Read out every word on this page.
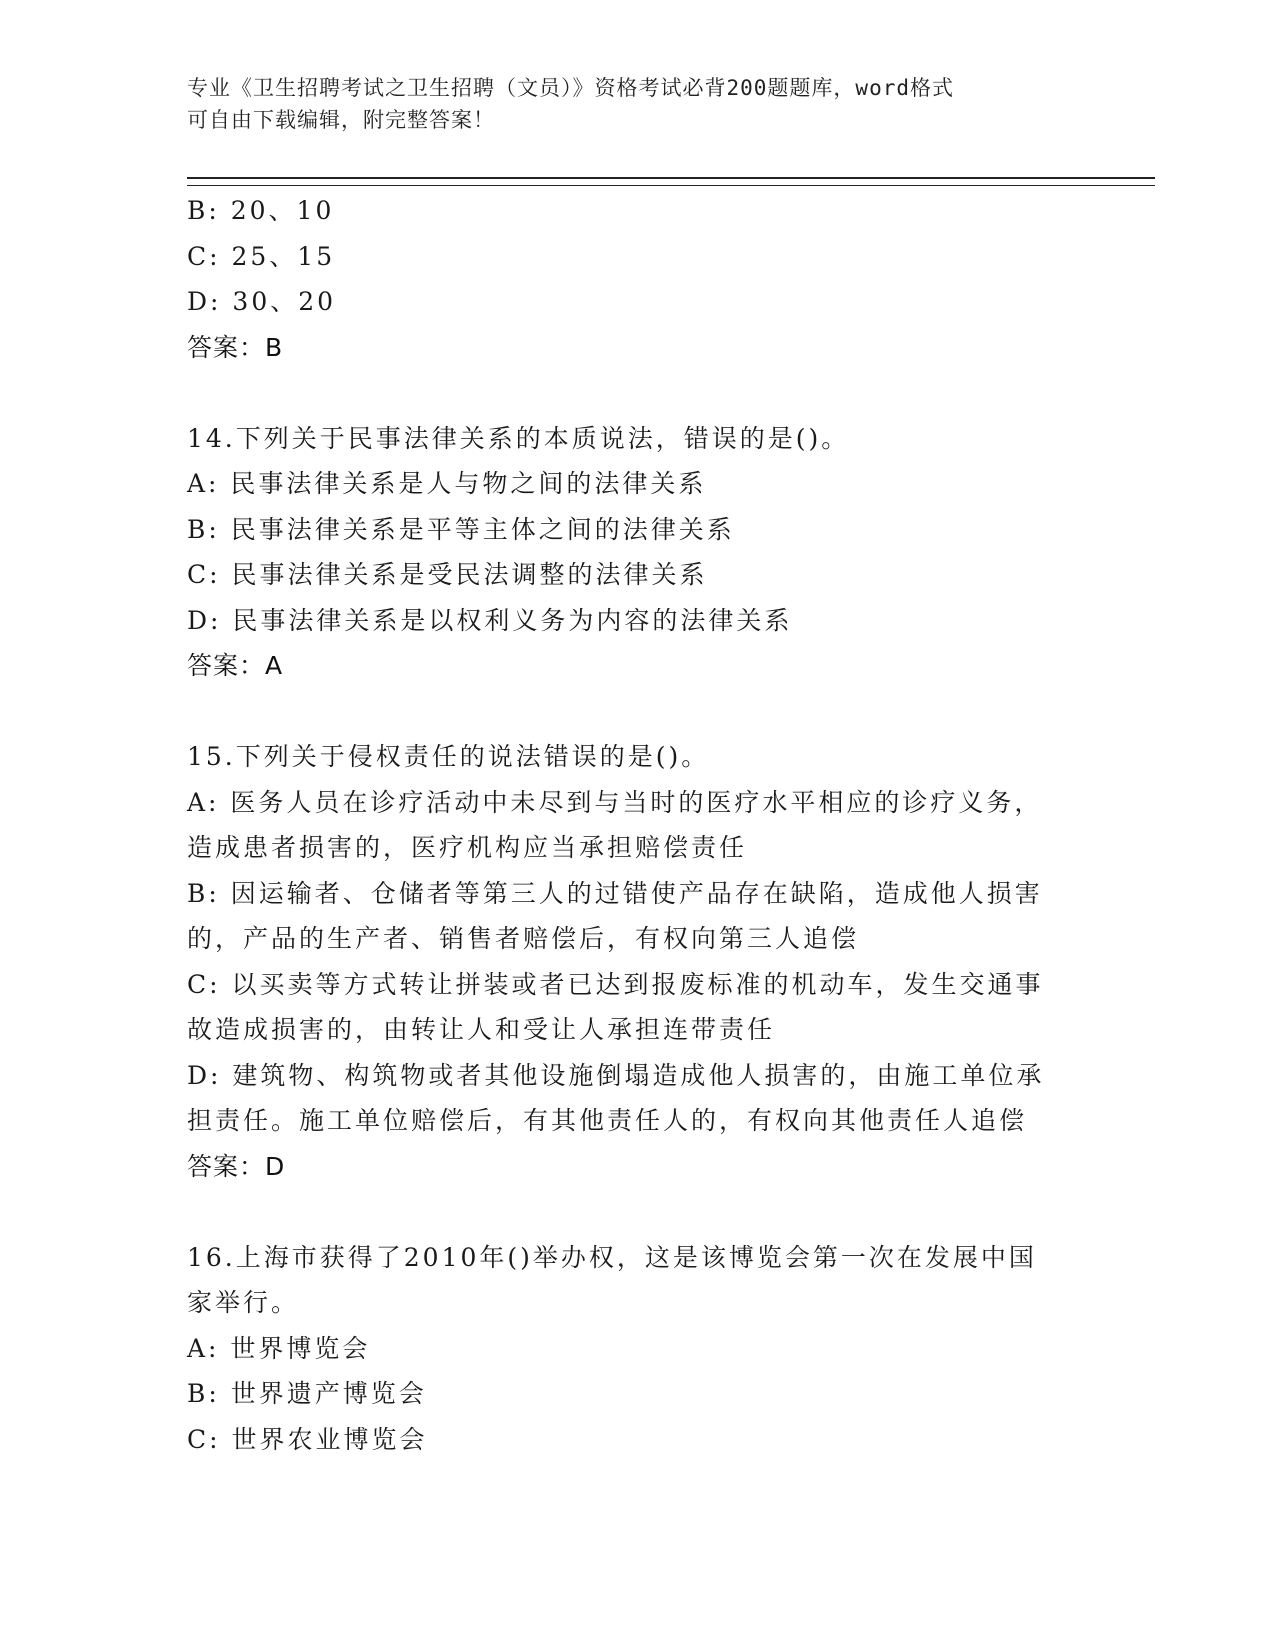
专业《卫生招聘考试之卫生招聘（文员）》资格考试必背200题题库，word格式
可自由下载编辑，附完整答案！
B: 20、10
C: 25、15
D: 30、20
答案：B
14.下列关于民事法律关系的本质说法，错误的是()。
A: 民事法律关系是人与物之间的法律关系
B: 民事法律关系是平等主体之间的法律关系
C: 民事法律关系是受民法调整的法律关系
D: 民事法律关系是以权利义务为内容的法律关系
答案：A
15.下列关于侵权责任的说法错误的是()。
A: 医务人员在诊疗活动中未尽到与当时的医疗水平相应的诊疗义务，
造成患者损害的，医疗机构应当承担赔偿责任
B: 因运输者、仓储者等第三人的过错使产品存在缺陷，造成他人损害
的，产品的生产者、销售者赔偿后，有权向第三人追偿
C: 以买卖等方式转让拼装或者已达到报废标准的机动车，发生交通事
故造成损害的，由转让人和受让人承担连带责任
D: 建筑物、构筑物或者其他设施倒塌造成他人损害的，由施工单位承
担责任。施工单位赔偿后，有其他责任人的，有权向其他责任人追偿
答案：D
16.上海市获得了2010年()举办权，这是该博览会第一次在发展中国
家举行。
A: 世界博览会
B: 世界遗产博览会
C: 世界农业博览会
